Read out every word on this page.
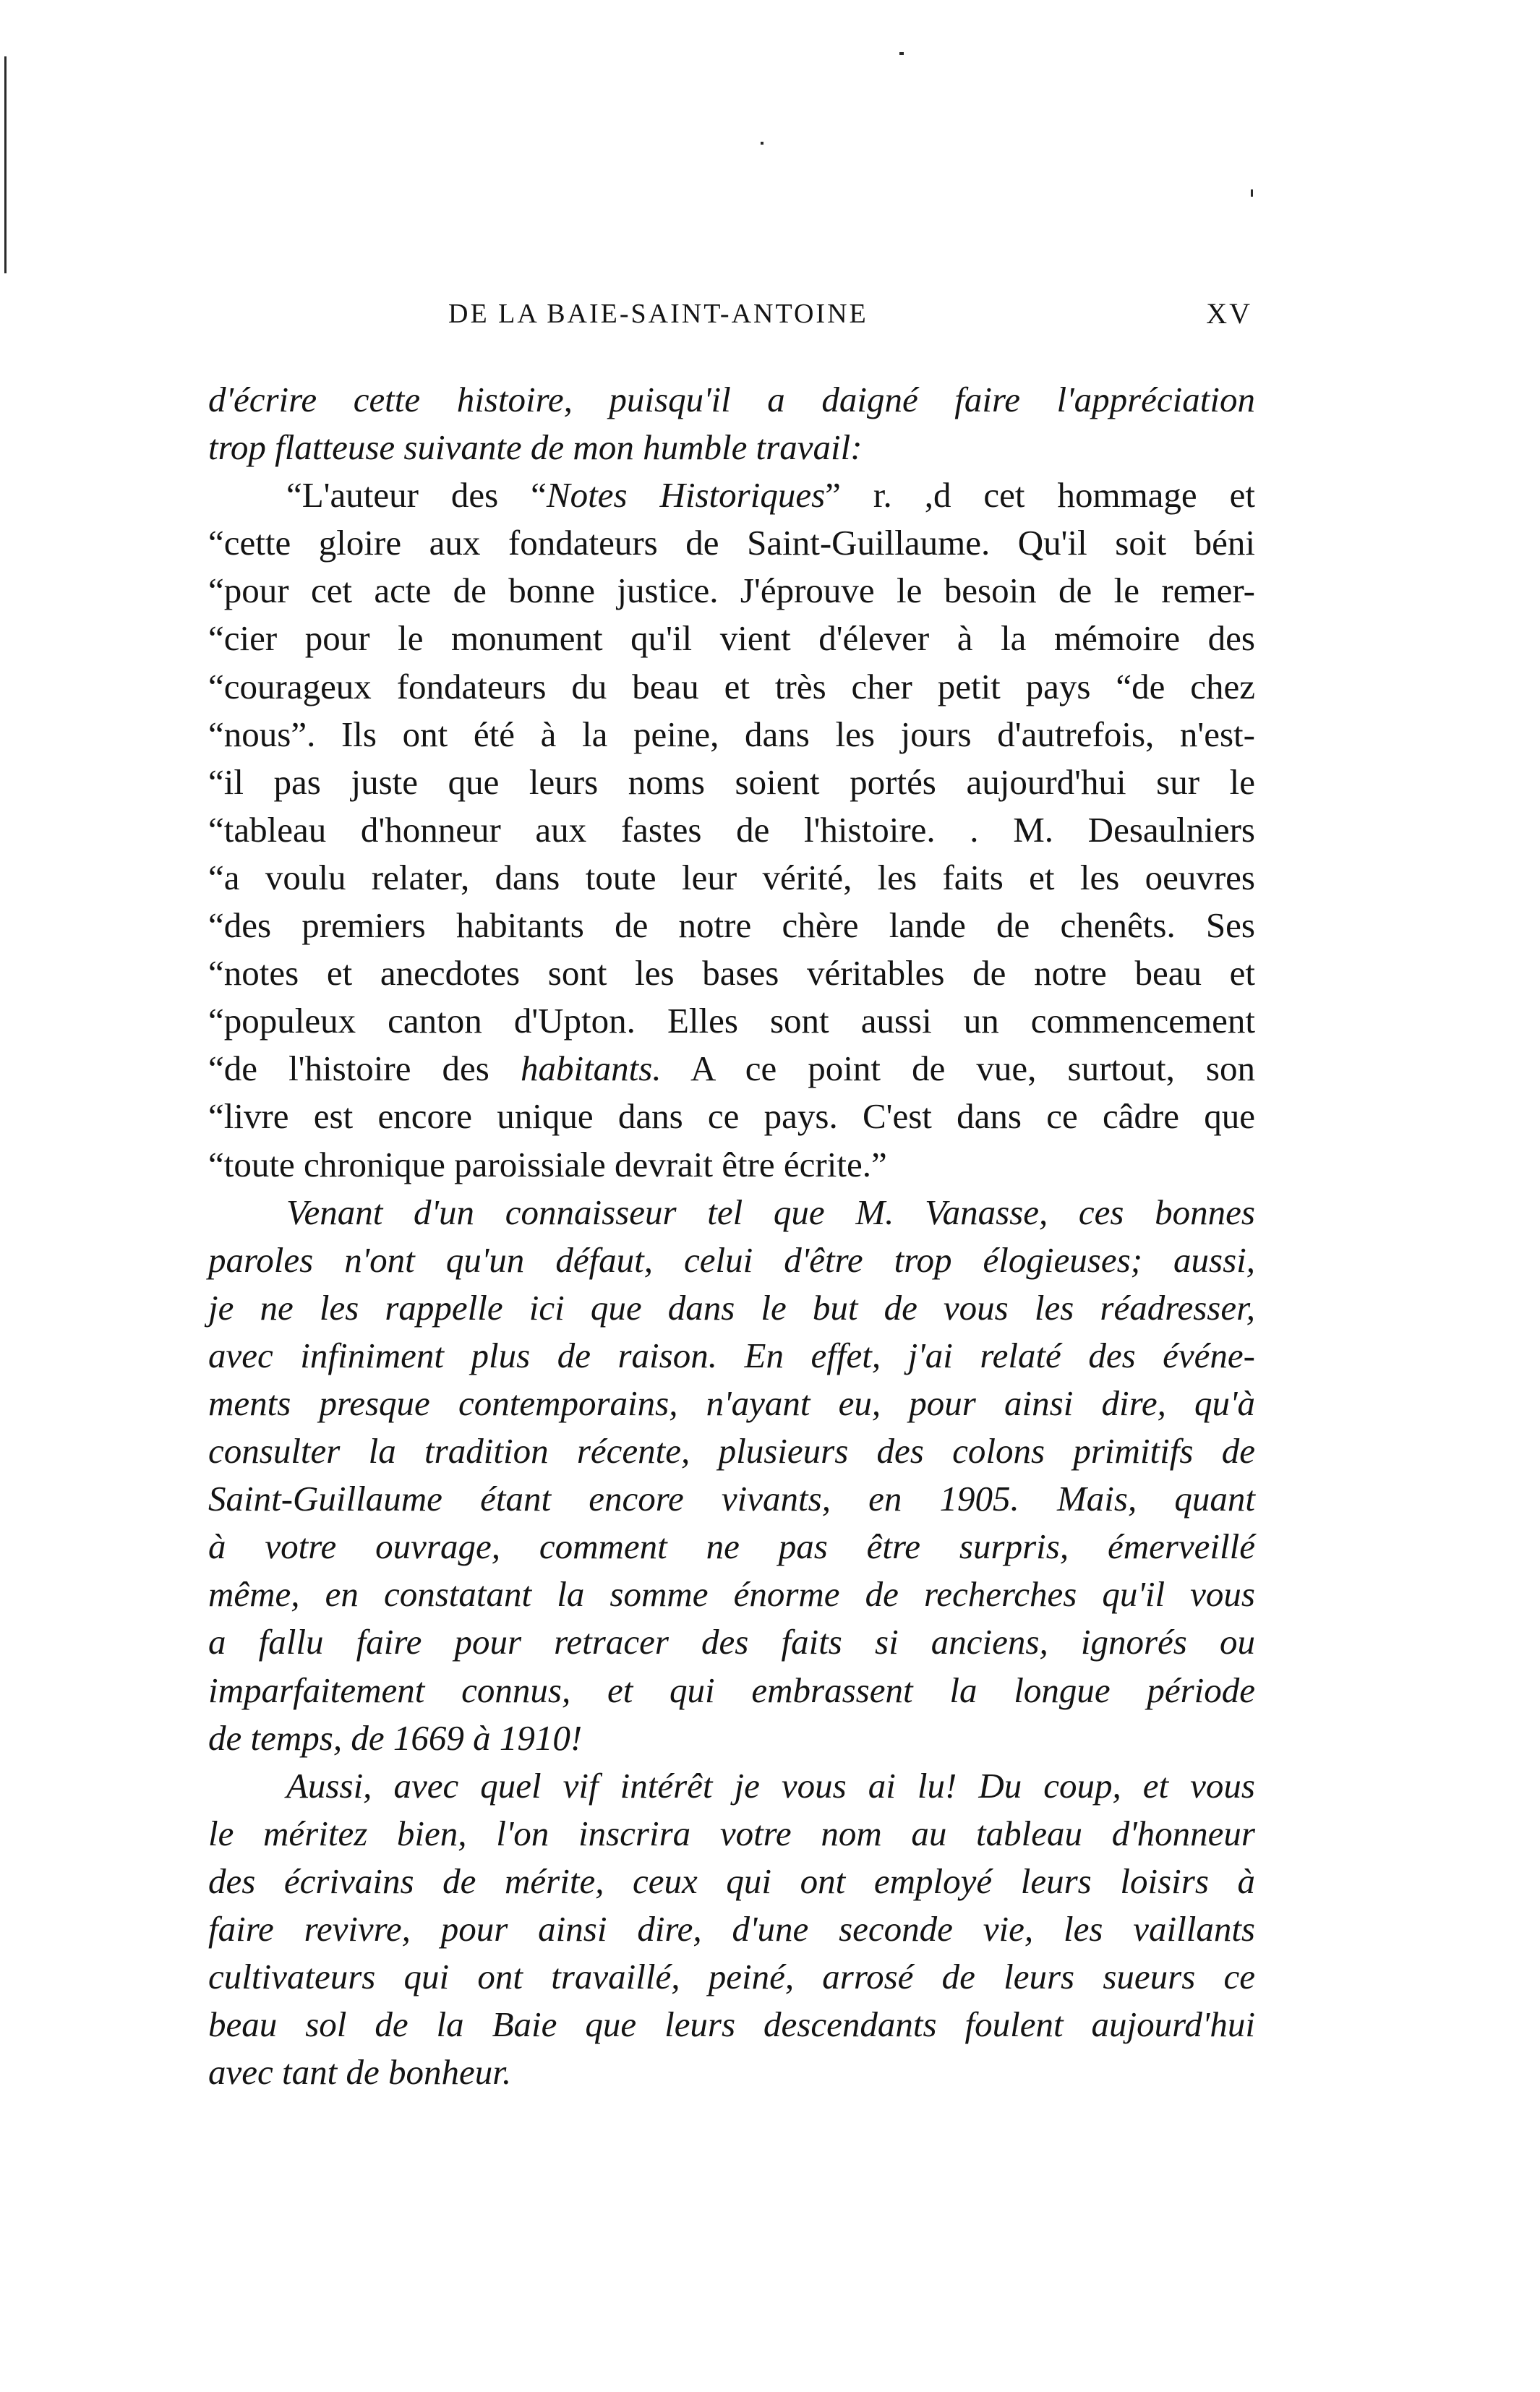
DE LA BAIE-SAINT-ANTOINE	XV
d'écrire cette histoire, puisqu'il a daigné faire l'appréciation
trop flatteuse suivante de mon humble travail:
“L'auteur des “Notes Historiques” r. ,d cet hommage et
“cette gloire aux fondateurs de Saint-Guillaume. Qu'il soit béni
“pour cet acte de bonne justice. J'éprouve le besoin de le remer-
“cier pour le monument qu'il vient d'élever à la mémoire des
“courageux fondateurs du beau et très cher petit pays “de chez
“nous”. Ils ont été à la peine, dans les jours d'autrefois, n'est-
“il pas juste que leurs noms soient portés aujourd'hui sur le
“tableau d'honneur aux fastes de l'histoire. . M. Desaulniers
“a voulu relater, dans toute leur vérité, les faits et les oeuvres
“des premiers habitants de notre chère lande de chenêts. Ses
“notes et anecdotes sont les bases véritables de notre beau et
“populeux canton d'Upton. Elles sont aussi un commencement
“de l'histoire des habitants. A ce point de vue, surtout, son
“livre est encore unique dans ce pays. C'est dans ce câdre que
“toute chronique paroissiale devrait être écrite.”
Venant d'un connaisseur tel que M. Vanasse, ces bonnes
paroles n'ont qu'un défaut, celui d'être trop élogieuses; aussi,
je ne les rappelle ici que dans le but de vous les réadresser,
avec infiniment plus de raison. En effet, j'ai relaté des événe-
ments presque contemporains, n'ayant eu, pour ainsi dire, qu'à
consulter la tradition récente, plusieurs des colons primitifs de
Saint-Guillaume étant encore vivants, en 1905. Mais, quant
à votre ouvrage, comment ne pas être surpris, émerveillé
même, en constatant la somme énorme de recherches qu'il vous
a fallu faire pour retracer des faits si anciens, ignorés ou
imparfaitement connus, et qui embrassent la longue période
de temps, de 1669 à 1910!
Aussi, avec quel vif intérêt je vous ai lu! Du coup, et vous
le méritez bien, l'on inscrira votre nom au tableau d'honneur
des écrivains de mérite, ceux qui ont employé leurs loisirs à
faire revivre, pour ainsi dire, d'une seconde vie, les vaillants
cultivateurs qui ont travaillé, peiné, arrosé de leurs sueurs ce
beau sol de la Baie que leurs descendants foulent aujourd'hui
avec tant de bonheur.
